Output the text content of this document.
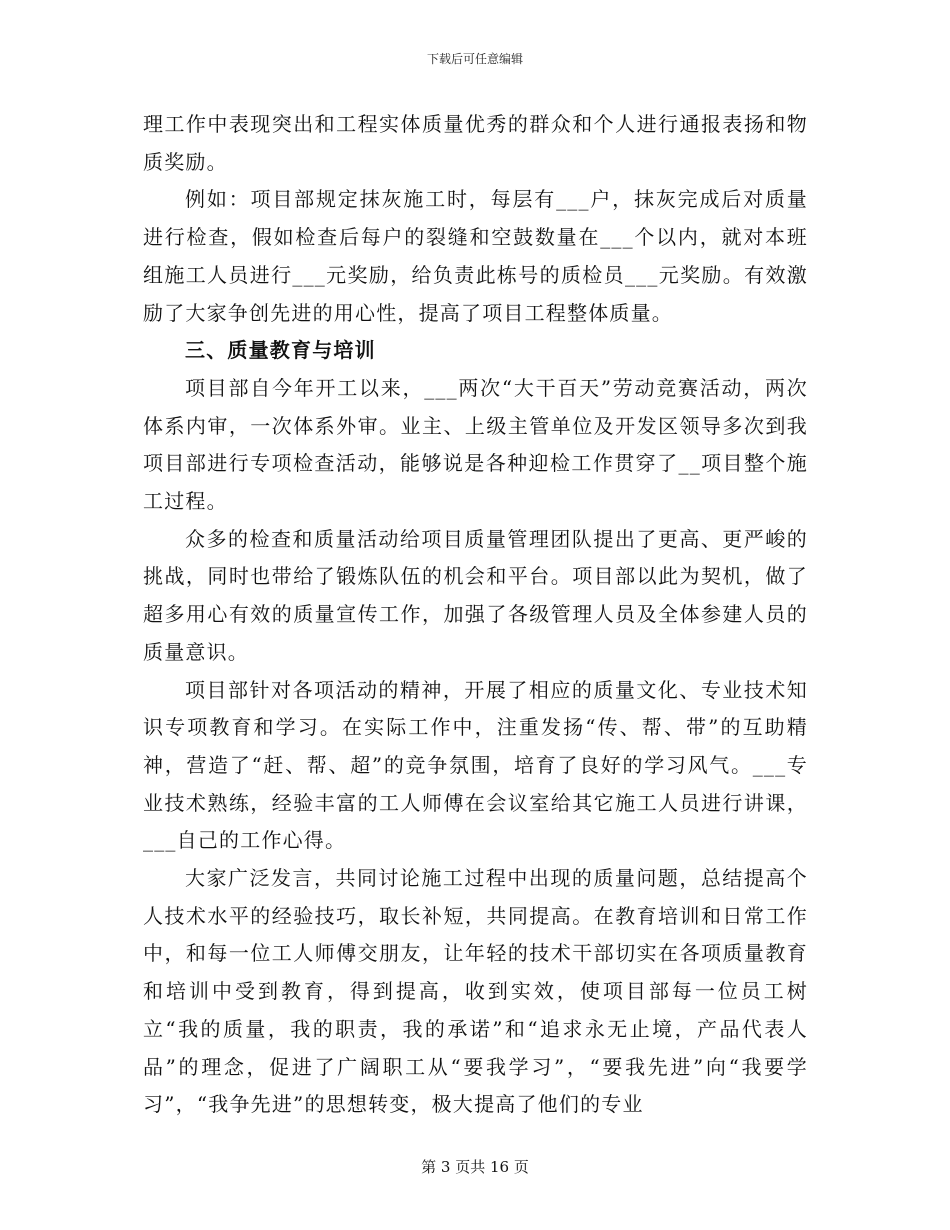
下载后可任意编辑

理工作中表现突出和工程实体质量优秀的群众和个人进行通报表扬和物质奖励。

例如：项目部规定抹灰施工时，每层有___户，抹灰完成后对质量进行检查，假如检查后每户的裂缝和空鼓数量在___个以内，就对本班组施工人员进行___元奖励，给负责此栋号的质检员___元奖励。有效激励了大家争创先进的用心性，提高了项目工程整体质量。

三、质量教育与培训

项目部自今年开工以来，___两次“大干百天”劳动竞赛活动，两次体系内审，一次体系外审。业主、上级主管单位及开发区领导多次到我项目部进行专项检查活动，能够说是各种迎检工作贯穿了__项目整个施工过程。

众多的检查和质量活动给项目质量管理团队提出了更高、更严峻的挑战，同时也带给了锻炼队伍的机会和平台。项目部以此为契机，做了超多用心有效的质量宣传工作，加强了各级管理人员及全体参建人员的质量意识。

项目部针对各项活动的精神，开展了相应的质量文化、专业技术知识专项教育和学习。在实际工作中，注重发扬“传、帮、带”的互助精神，营造了“赶、帮、超”的竞争氛围，培育了良好的学习风气。___专业技术熟练，经验丰富的工人师傅在会议室给其它施工人员进行讲课，___自己的工作心得。

大家广泛发言，共同讨论施工过程中出现的质量问题，总结提高个人技术水平的经验技巧，取长补短，共同提高。在教育培训和日常工作中，和每一位工人师傅交朋友，让年轻的技术干部切实在各项质量教育和培训中受到教育，得到提高，收到实效，使项目部每一位员工树立“我的质量，我的职责，我的承诺”和“追求永无止境，产品代表人品”的理念，促进了广阔职工从“要我学习”，“要我先进”向“我要学习”，“我争先进”的思想转变，极大提高了他们的专业

第 3 页共 16 页
